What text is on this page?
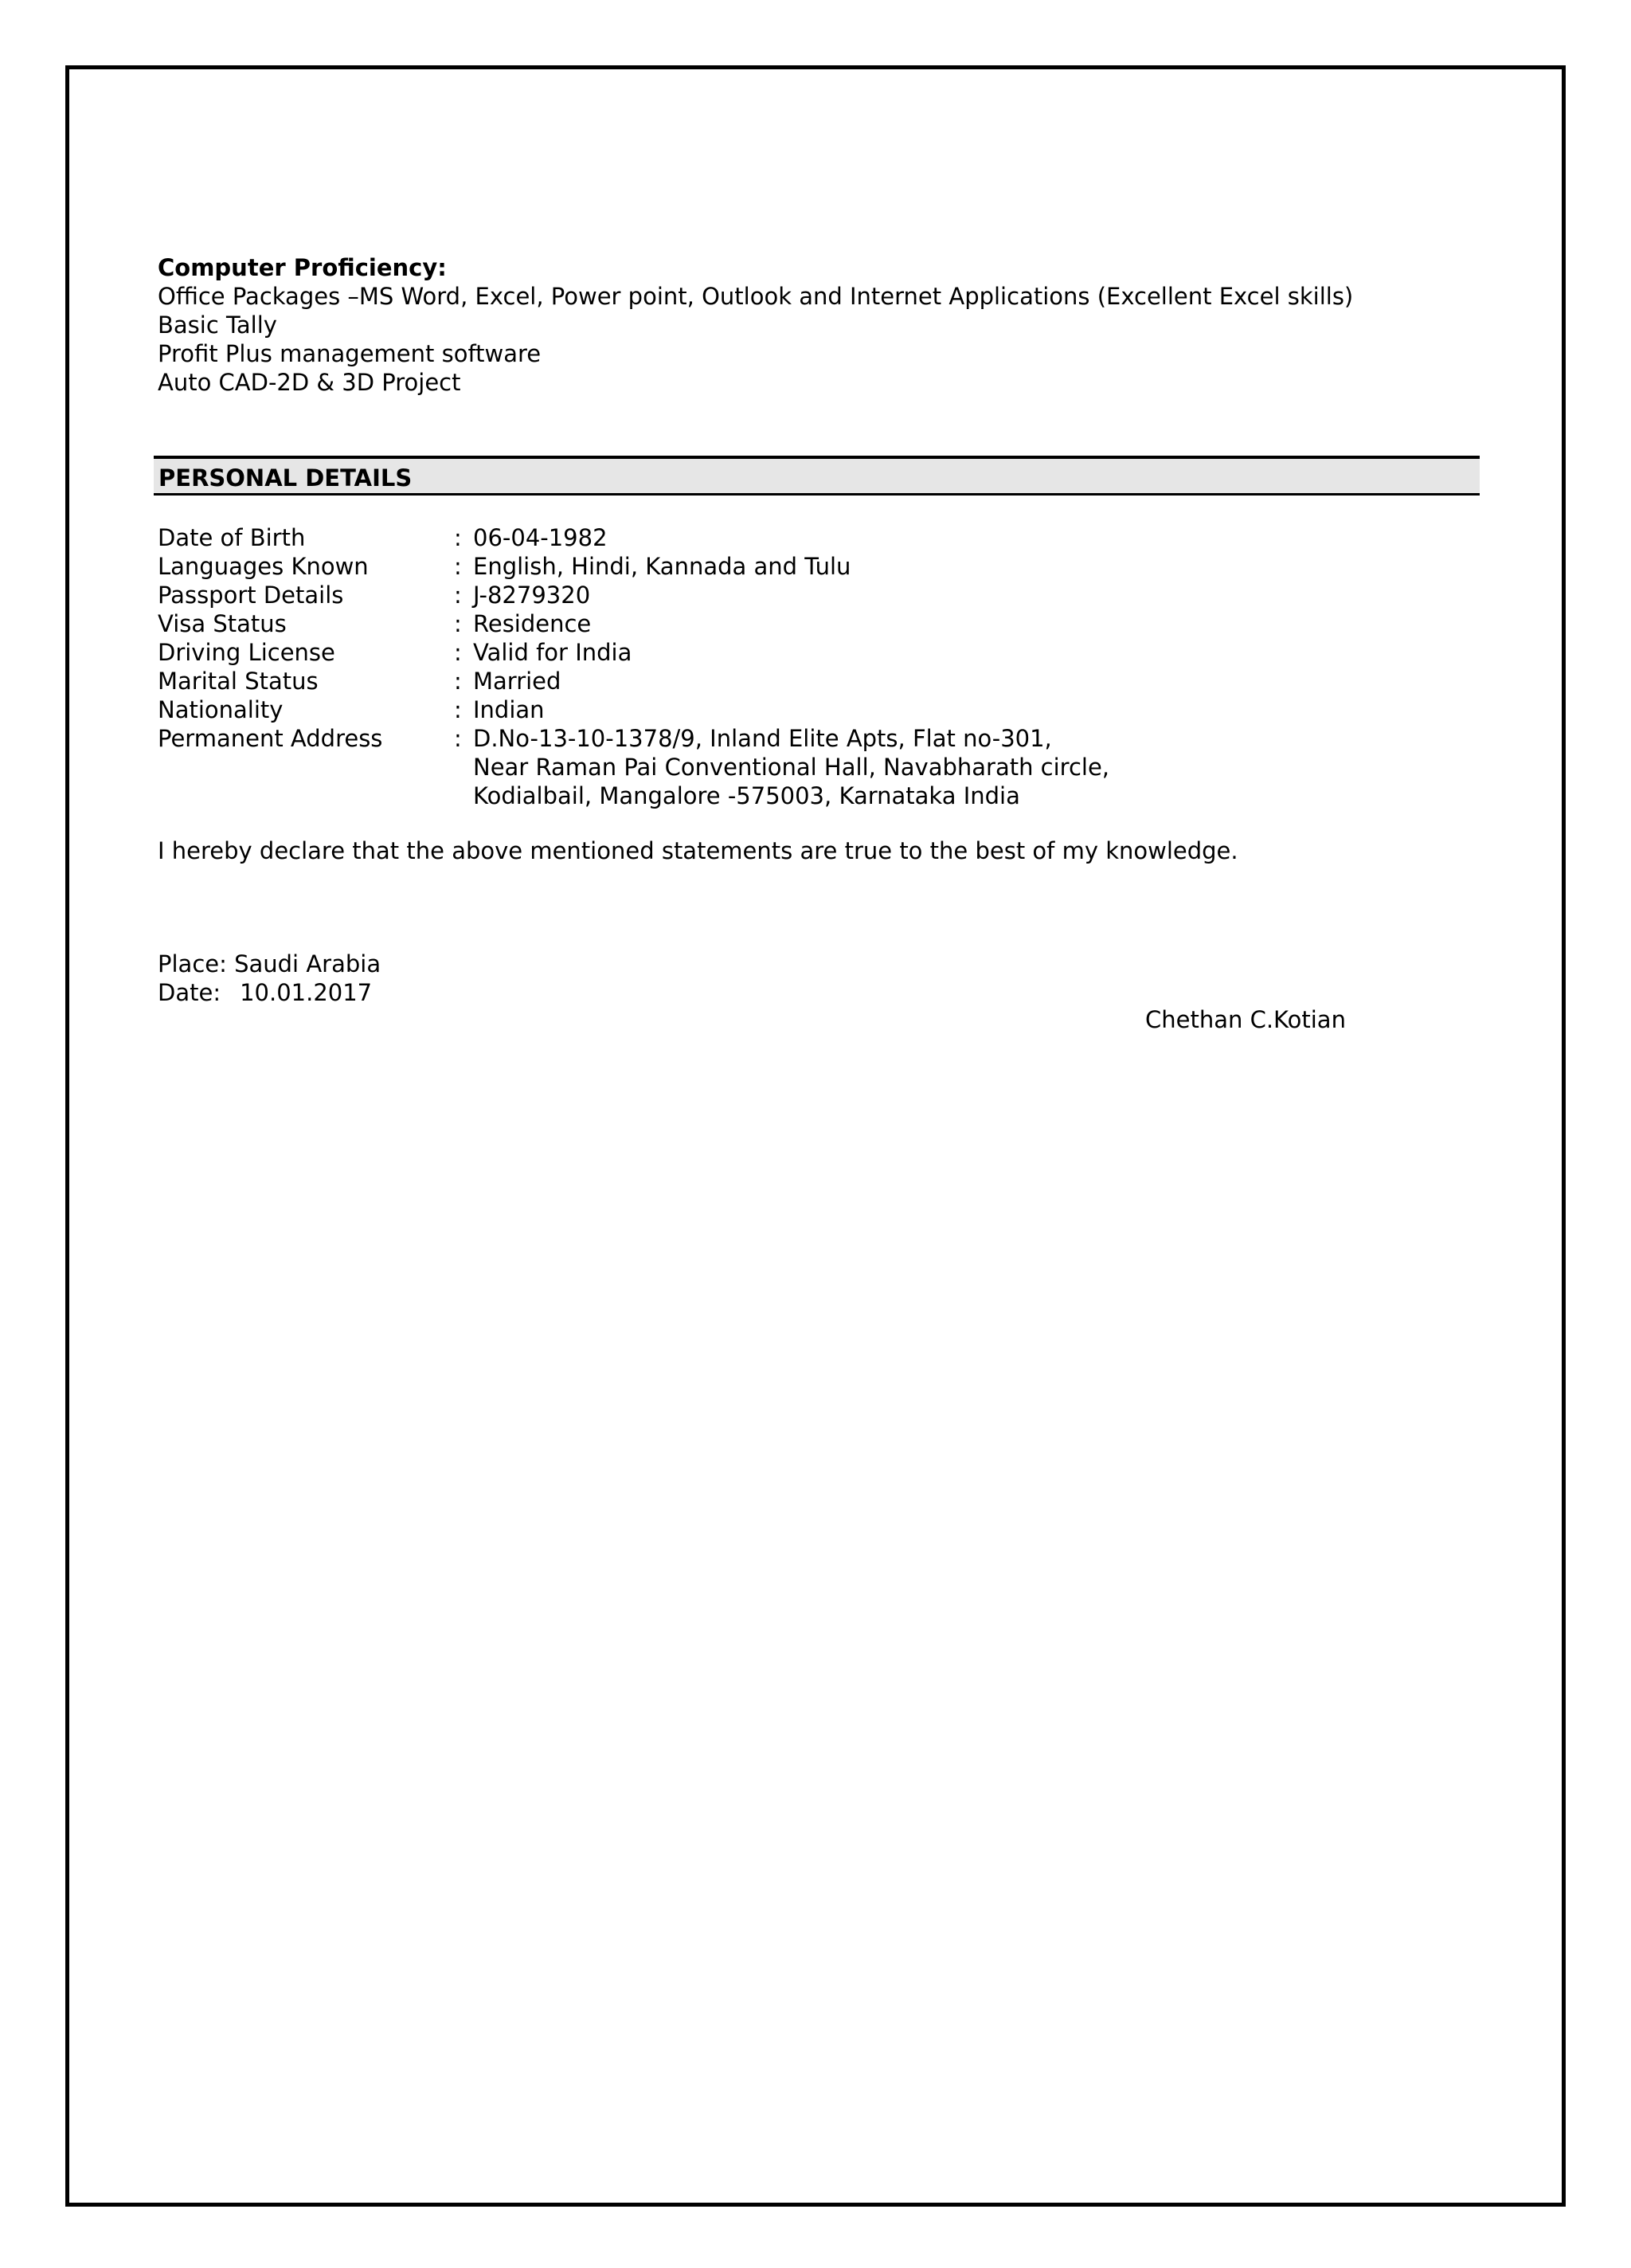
Computer Proficiency:

Office Packages –MS Word, Excel, Power point, Outlook and Internet Applications (Excellent Excel skills)

Basic Tally

Profit Plus management software

Auto CAD-2D & 3D Project

PERSONAL DETAILS
Date of Birth	: 06-04-1982
Languages Known	: English, Hindi, Kannada and Tulu
Passport Details	: J-8279320
Visa Status	: Residence
Driving License	: Valid for India
Marital Status	: Married
Nationality	: Indian
Permanent Address	: D.No-13-10-1378/9, Inland Elite Apts, Flat no-301,
Near Raman Pai Conventional Hall, Navabharath circle,
Kodialbail, Mangalore -575003, Karnataka India
I hereby declare that the above mentioned statements are true to the best of my knowledge.
Place: Saudi Arabia
Date: 10.01.2017
Chethan C.Kotian
